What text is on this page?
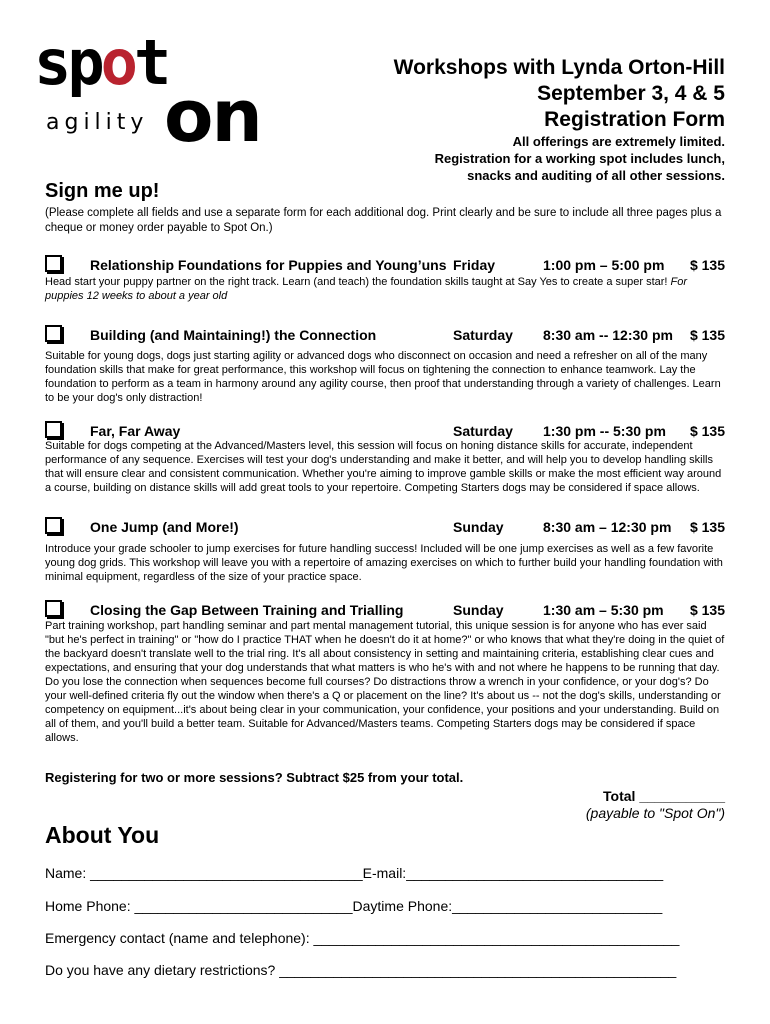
spot
agility on
Workshops with Lynda Orton-Hill
September 3, 4 & 5
Registration Form
All offerings are extremely limited.
Registration for a working spot includes lunch,
snacks and auditing of all other sessions.
Sign me up!
(Please complete all fields and use a separate form for each additional dog. Print clearly and be sure to include all three pages plus a cheque or money order payable to Spot On.)
Relationship Foundations for Puppies and Young’uns Friday	1:00 pm – 5:00 pm $ 135
Head start your puppy partner on the right track. Learn (and teach) the foundation skills taught at Say Yes to create a super star! For puppies 12 weeks to about a year old
Building (and Maintaining!) the Connection	Saturday 8:30 am -- 12:30 pm $ 135
Suitable for young dogs, dogs just starting agility or advanced dogs who disconnect on occasion and need a refresher on all of the many foundation skills that make for great performance, this workshop will focus on tightening the connection to enhance teamwork. Lay the foundation to perform as a team in harmony around any agility course, then proof that understanding through a variety of challenges. Learn to be your dog's only distraction!
Far, Far Away	Saturday 1:30 pm -- 5:30 pm $ 135
Suitable for dogs competing at the Advanced/Masters level, this session will focus on honing distance skills for accurate, independent performance of any sequence. Exercises will test your dog's understanding and make it better, and will help you to develop handling skills that will ensure clear and consistent communication. Whether you're aiming to improve gamble skills or make the most efficient way around a course, building on distance skills will add great tools to your repertoire. Competing Starters dogs may be considered if space allows.
One Jump (and More!)	Sunday	8:30 am – 12:30 pm $ 135
Introduce your grade schooler to jump exercises for future handling success! Included will be one jump exercises as well as a few favorite young dog grids. This workshop will leave you with a repertoire of amazing exercises on which to further build your handling foundation with minimal equipment, regardless of the size of your practice space.
Closing the Gap Between Training and Trialling	Sunday	1:30 am – 5:30 pm $ 135
Part training workshop, part handling seminar and part mental management tutorial, this unique session is for anyone who has ever said "but he's perfect in training" or "how do I practice THAT when he doesn't do it at home?" or who knows that what they're doing in the quiet of the backyard doesn't translate well to the trial ring. It's all about consistency in setting and maintaining criteria, establishing clear cues and expectations, and ensuring that your dog understands that what matters is who he's with and not where he happens to be running that day. Do you lose the connection when sequences become full courses? Do distractions throw a wrench in your confidence, or your dog's? Do your well-defined criteria fly out the window when there's a Q or placement on the line? It's about us -- not the dog's skills, understanding or competency on equipment...it's about being clear in your communication, your confidence, your positions and your understanding. Build on all of them, and you'll build a better team. Suitable for Advanced/Masters teams. Competing Starters dogs may be considered if space allows.
Registering for two or more sessions? Subtract $25 from your total.
Total ___________
(payable to "Spot On")
About You
Name: ___________________________________E-mail:_________________________________
Home Phone: ____________________________Daytime Phone:___________________________
Emergency contact (name and telephone): _______________________________________________
Do you have any dietary restrictions? ___________________________________________________
